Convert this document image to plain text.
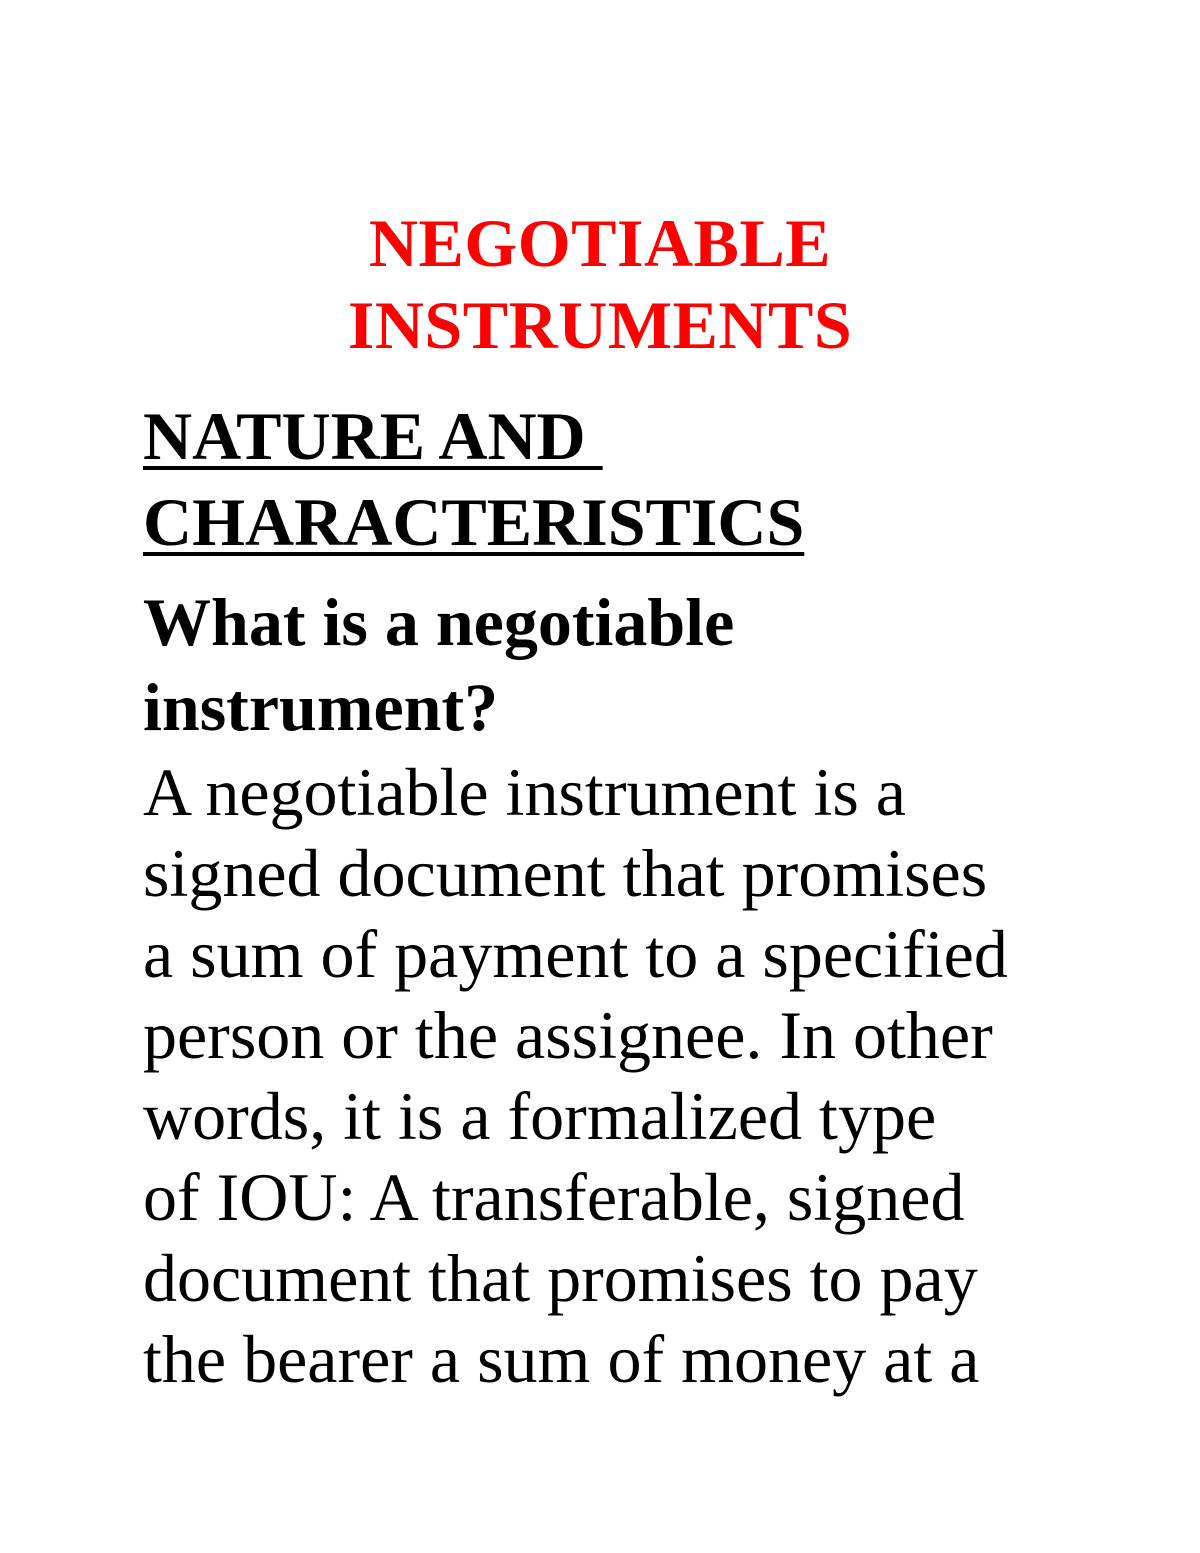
NEGOTIABLE
INSTRUMENTS
NATURE AND
CHARACTERISTICS
What is a negotiable
instrument?
A negotiable instrument is a
signed document that promises
a sum of payment to a specified
person or the assignee. In other
words, it is a formalized type
of IOU: A transferable, signed
document that promises to pay
the bearer a sum of money at a
